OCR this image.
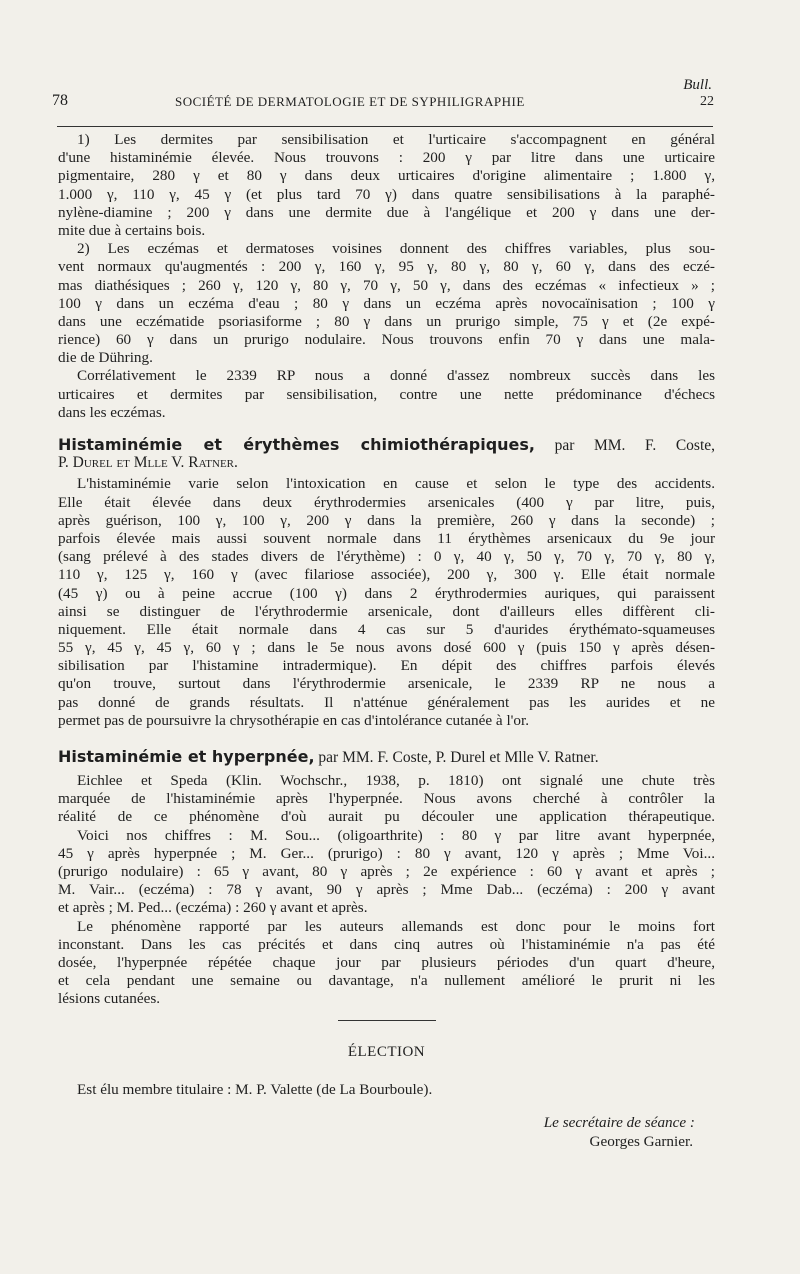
Bull.
78	SOCIÉTÉ DE DERMATOLOGIE ET DE SYPHILIGRAPHIE	22
1) Les dermites par sensibilisation et l'urticaire s'accompagnent en général
d'une histaminémie élevée. Nous trouvons : 200 γ par litre dans une urticaire
pigmentaire, 280 γ et 80 γ dans deux urticaires d'origine alimentaire ; 1.800 γ,
1.000 γ, 110 γ, 45 γ (et plus tard 70 γ) dans quatre sensibilisations à la paraphé-
nylène-diamine ; 200 γ dans une dermite due à l'angélique et 200 γ dans une der-
mite due à certains bois.
2) Les eczémas et dermatoses voisines donnent des chiffres variables, plus sou-
vent normaux qu'augmentés : 200 γ, 160 γ, 95 γ, 80 γ, 80 γ, 60 γ, dans des eczé-
mas diathésiques ; 260 γ, 120 γ, 80 γ, 70 γ, 50 γ, dans des eczémas « infectieux » ;
100 γ dans un eczéma d'eau ; 80 γ dans un eczéma après novocaïnisation ; 100 γ
dans une eczématide psoriasiforme ; 80 γ dans un prurigo simple, 75 γ et (2e expé-
rience) 60 γ dans un prurigo nodulaire. Nous trouvons enfin 70 γ dans une mala-
die de Dühring.
Corrélativement le 2339 RP nous a donné d'assez nombreux succès dans les
urticaires et dermites par sensibilisation, contre une nette prédominance d'échecs
dans les eczémas.
Histaminémie et érythèmes chimiothérapiques, par MM. F. Coste,
P. Durel et Mlle V. Ratner.
L'histaminémie varie selon l'intoxication en cause et selon le type des accidents.
Elle était élevée dans deux érythrodermies arsenicales (400 γ par litre, puis,
après guérison, 100 γ, 100 γ, 200 γ dans la première, 260 γ dans la seconde) ;
parfois élevée mais aussi souvent normale dans 11 érythèmes arsenicaux du 9e jour
(sang prélevé à des stades divers de l'érythème) : 0 γ, 40 γ, 50 γ, 70 γ, 70 γ, 80 γ,
110 γ, 125 γ, 160 γ (avec filariose associée), 200 γ, 300 γ. Elle était normale
(45 γ) ou à peine accrue (100 γ) dans 2 érythrodermies auriques, qui paraissent
ainsi se distinguer de l'érythrodermie arsenicale, dont d'ailleurs elles diffèrent cli-
niquement. Elle était normale dans 4 cas sur 5 d'aurides érythémato-squameuses
55 γ, 45 γ, 45 γ, 60 γ ; dans le 5e nous avons dosé 600 γ (puis 150 γ après désen-
sibilisation par l'histamine intradermique). En dépit des chiffres parfois élevés
qu'on trouve, surtout dans l'érythrodermie arsenicale, le 2339 RP ne nous a
pas donné de grands résultats. Il n'atténue généralement pas les aurides et ne
permet pas de poursuivre la chrysothérapie en cas d'intolérance cutanée à l'or.
Histaminémie et hyperpnée, par MM. F. Coste, P. Durel et Mlle V. Ratner.
Eichlee et Speda (Klin. Wochschr., 1938, p. 1810) ont signalé une chute très
marquée de l'histaminémie après l'hyperpnée. Nous avons cherché à contrôler la
réalité de ce phénomène d'où aurait pu découler une application thérapeutique.
Voici nos chiffres : M. Sou... (oligoarthrite) : 80 γ par litre avant hyperpnée,
45 γ après hyperpnée ; M. Ger... (prurigo) : 80 γ avant, 120 γ après ; Mme Voi...
(prurigo nodulaire) : 65 γ avant, 80 γ après ; 2e expérience : 60 γ avant et après ;
M. Vair... (eczéma) : 78 γ avant, 90 γ après ; Mme Dab... (eczéma) : 200 γ avant
et après ; M. Ped... (eczéma) : 260 γ avant et après.
Le phénomène rapporté par les auteurs allemands est donc pour le moins fort
inconstant. Dans les cas précités et dans cinq autres où l'histaminémie n'a pas été
dosée, l'hyperpnée répétée chaque jour par plusieurs périodes d'un quart d'heure,
et cela pendant une semaine ou davantage, n'a nullement amélioré le prurit ni les
lésions cutanées.
ÉLECTION
Est élu membre titulaire : M. P. Valette (de La Bourboule).
Le secrétaire de séance :
Georges Garnier.
